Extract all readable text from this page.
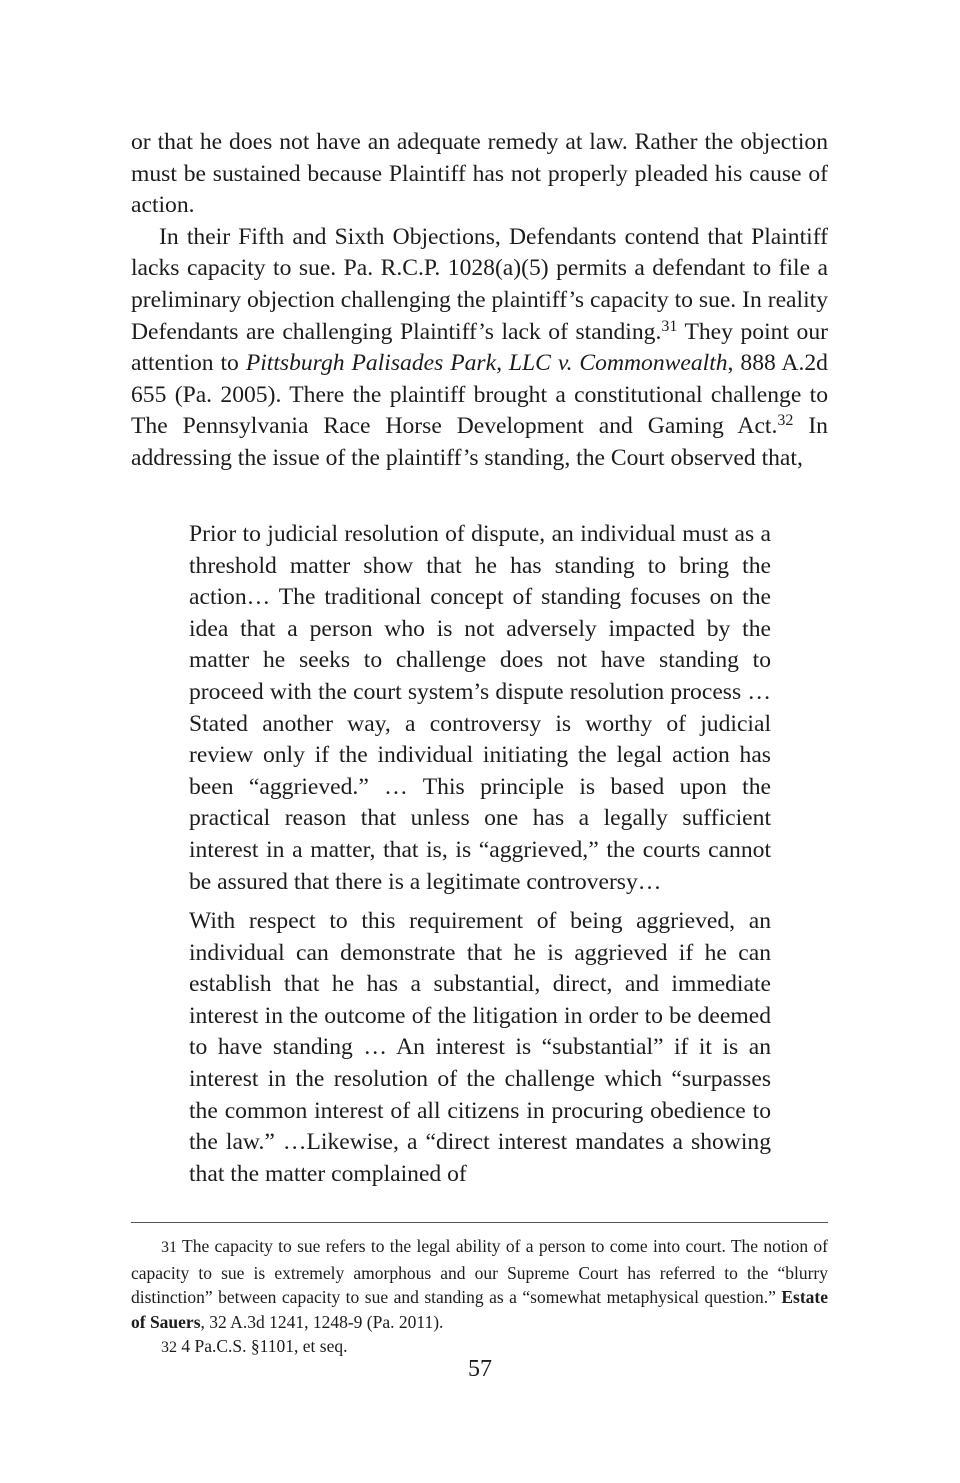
or that he does not have an adequate remedy at law. Rather the objection must be sustained because Plaintiff has not properly pleaded his cause of action.

In their Fifth and Sixth Objections, Defendants contend that Plaintiff lacks capacity to sue. Pa. R.C.P. 1028(a)(5) permits a defendant to file a preliminary objection challenging the plaintiff’s capacity to sue. In reality Defendants are challenging Plaintiff’s lack of standing.$^{31}$ They point our attention to Pittsburgh Palisades Park, LLC v. Commonwealth, 888 A.2d 655 (Pa. 2005). There the plaintiff brought a constitutional challenge to The Pennsylvania Race Horse Development and Gaming Act.$^{32}$ In addressing the issue of the plaintiff’s standing, the Court observed that,

Prior to judicial resolution of dispute, an individual must as a threshold matter show that he has standing to bring the action… The traditional concept of standing focuses on the idea that a person who is not adversely impacted by the matter he seeks to challenge does not have standing to proceed with the court system’s dispute resolution process … Stated another way, a controversy is worthy of judicial review only if the individual initiating the legal action has been “aggrieved.” … This principle is based upon the practical reason that unless one has a legally sufficient interest in a matter, that is, is “aggrieved,” the courts cannot be assured that there is a legitimate controversy…

With respect to this requirement of being aggrieved, an individual can demonstrate that he is aggrieved if he can establish that he has a substantial, direct, and immediate interest in the outcome of the litigation in order to be deemed to have standing … An interest is “substantial” if it is an interest in the resolution of the challenge which “surpasses the common interest of all citizens in procuring obedience to the law.” …Likewise, a “direct interest mandates a showing that the matter complained of

31 The capacity to sue refers to the legal ability of a person to come into court. The notion of capacity to sue is extremely amorphous and our Supreme Court has referred to the “blurry distinction” between capacity to sue and standing as a “somewhat metaphysical question.” Estate of Sauers, 32 A.3d 1241, 1248-9 (Pa. 2011).

32 4 Pa.C.S. §1101, et seq.

57
